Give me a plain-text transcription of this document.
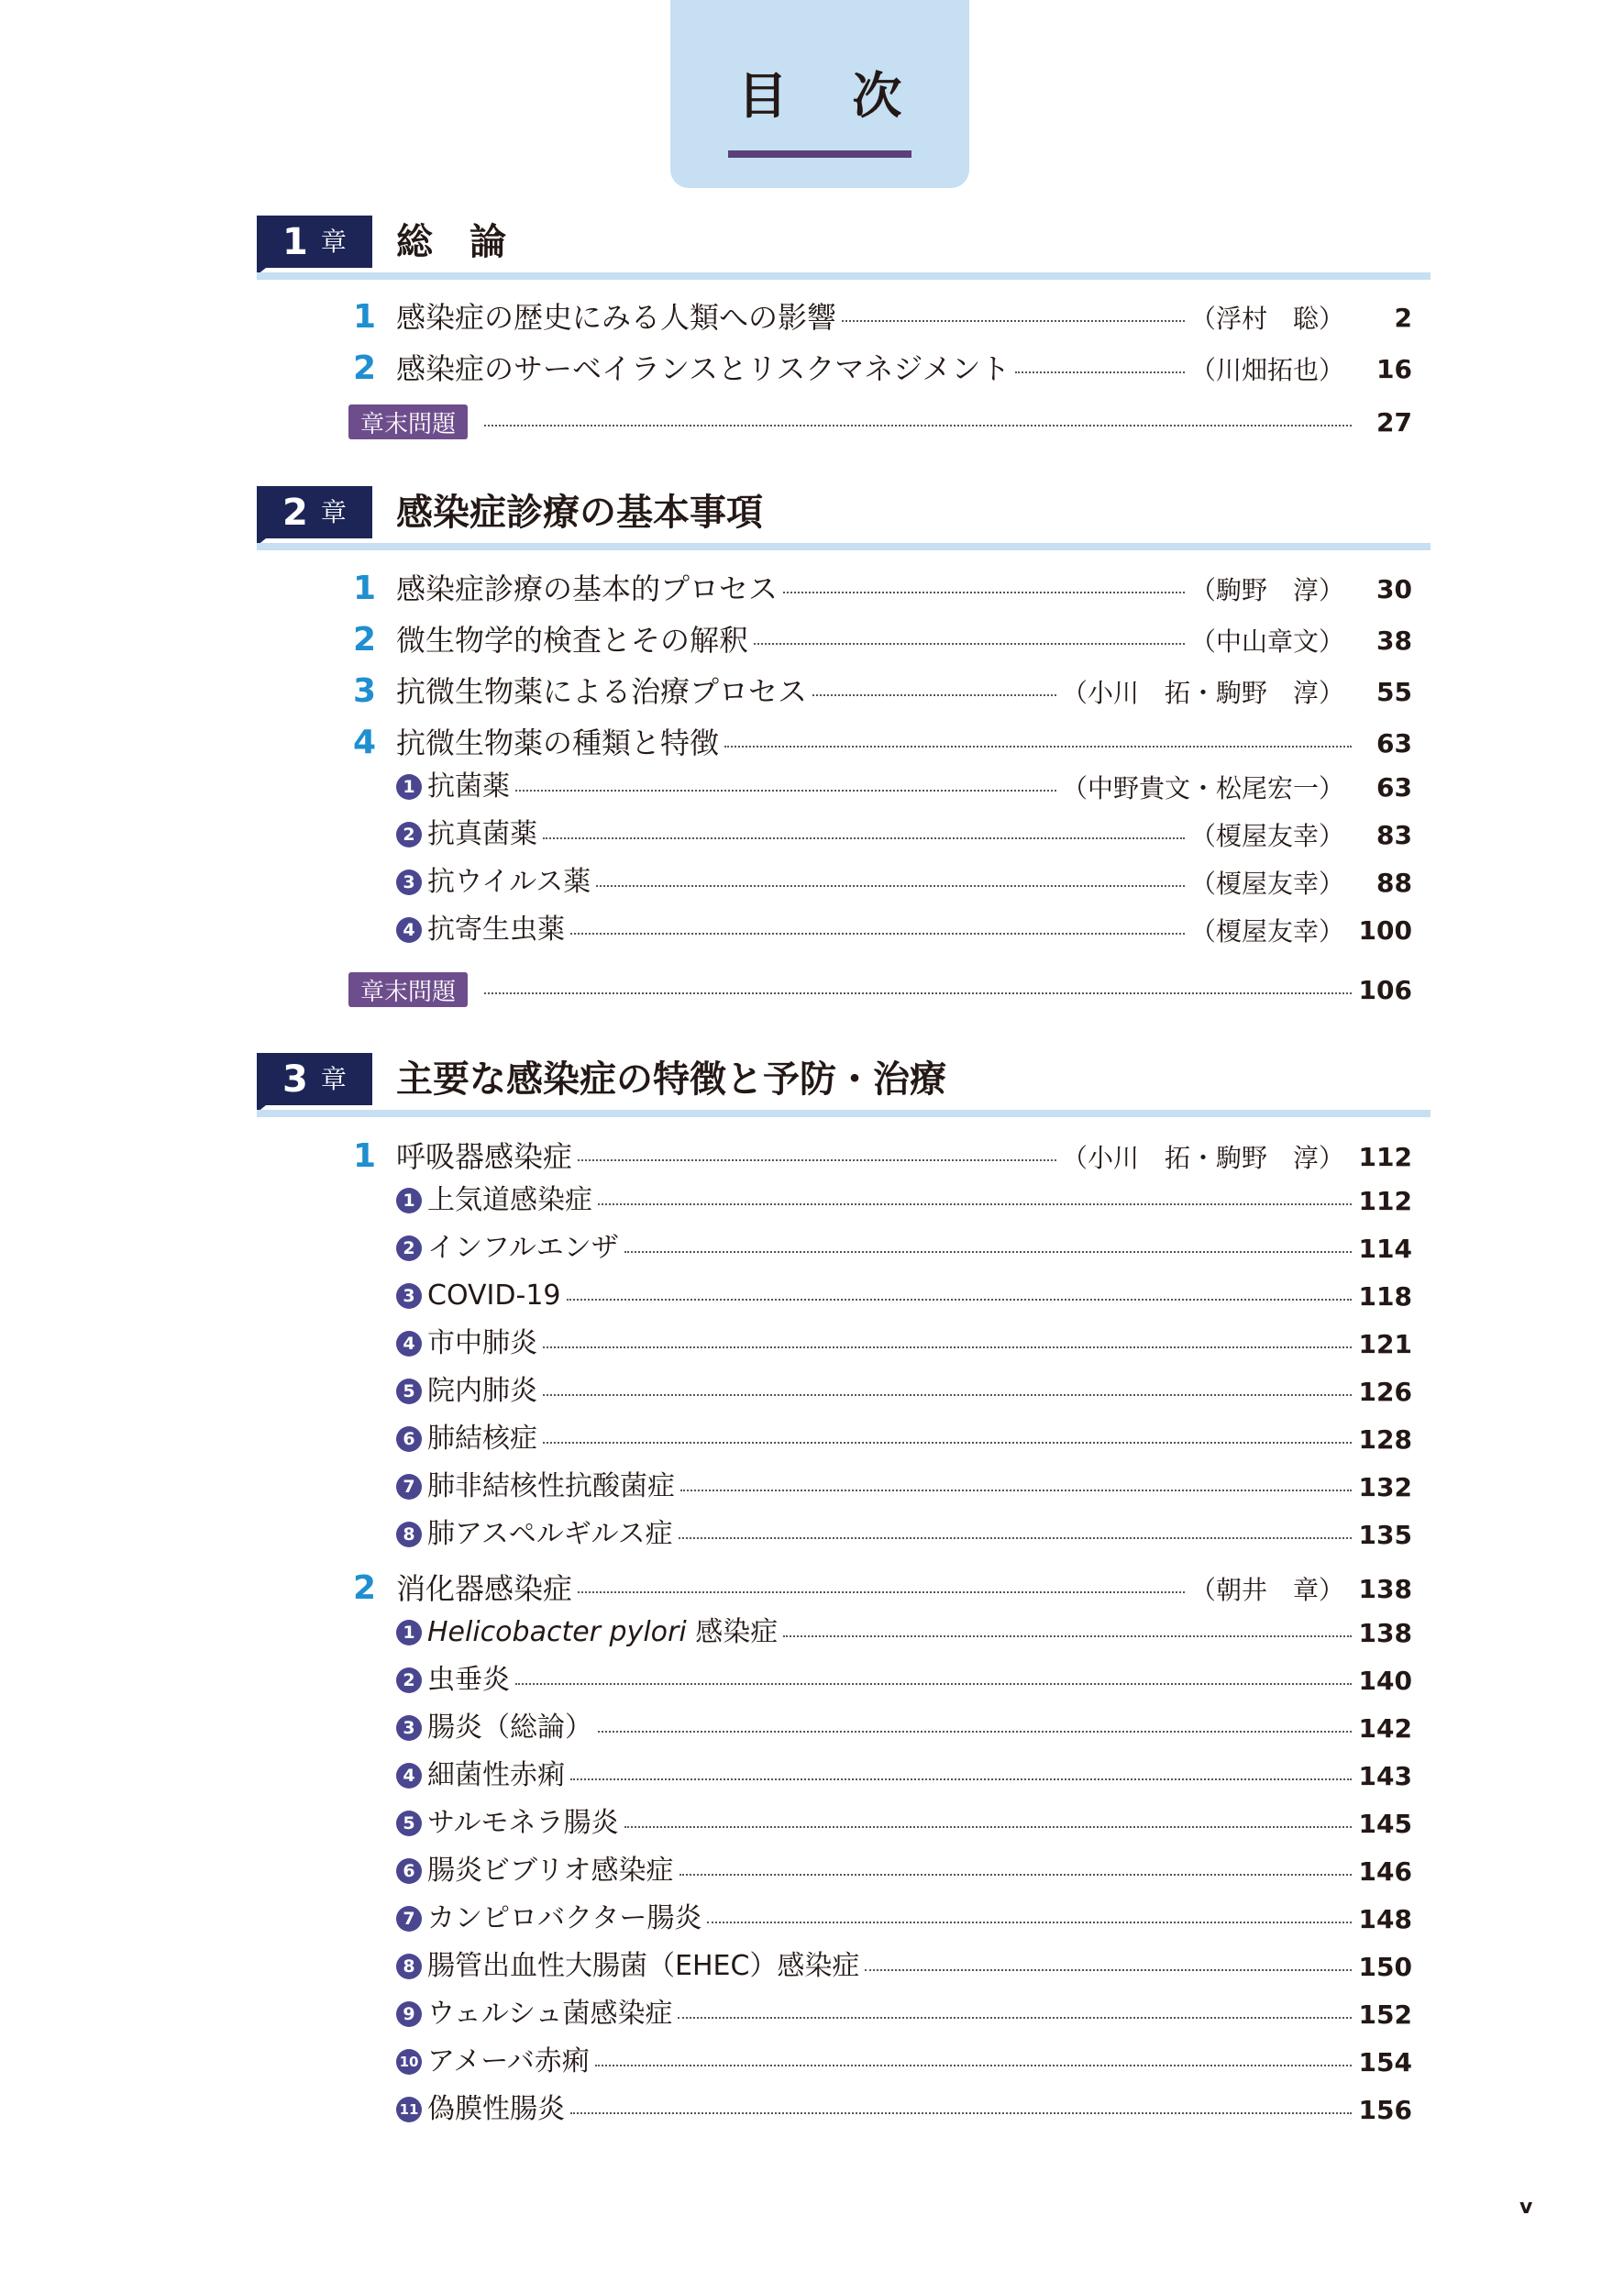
目 次
1 章 総　論
1 感染症の歴史にみる人類への影響	（浮村　聡）	2
2 感染症のサーベイランスとリスクマネジメント	（川畑拓也）	16
章末問題	27
2 章 感染症診療の基本事項
1 感染症診療の基本的プロセス	（駒野　淳）	30
2 微生物学的検査とその解釈	（中山章文）	38
3 抗微生物薬による治療プロセス	（小川　拓・駒野　淳）	55
4 抗微生物薬の種類と特徴	63
1 抗菌薬	（中野貴文・松尾宏一）	63
2 抗真菌薬	（榎屋友幸）	83
3 抗ウイルス薬	（榎屋友幸）	88
4 抗寄生虫薬	（榎屋友幸） 100
章末問題	106
3 章 主要な感染症の特徴と予防・治療
1 呼吸器感染症	（小川　拓・駒野　淳） 112
1 上気道感染症	112
2 インフルエンザ	114
3 COVID-19	118
4 市中肺炎	121
5 院内肺炎	126
6 肺結核症	128
7 肺非結核性抗酸菌症	132
8 肺アスペルギルス症	135
2 消化器感染症	（朝井　章） 138
1 Helicobacter pylori 感染症	138
2 虫垂炎	140
3 腸炎（総論）	142
4 細菌性赤痢	143
5 サルモネラ腸炎	145
6 腸炎ビブリオ感染症	146
7 カンピロバクター腸炎	148
8 腸管出血性大腸菌（EHEC）感染症	150
9 ウェルシュ菌感染症	152
10 アメーバ赤痢	154
11 偽膜性腸炎	156
v
